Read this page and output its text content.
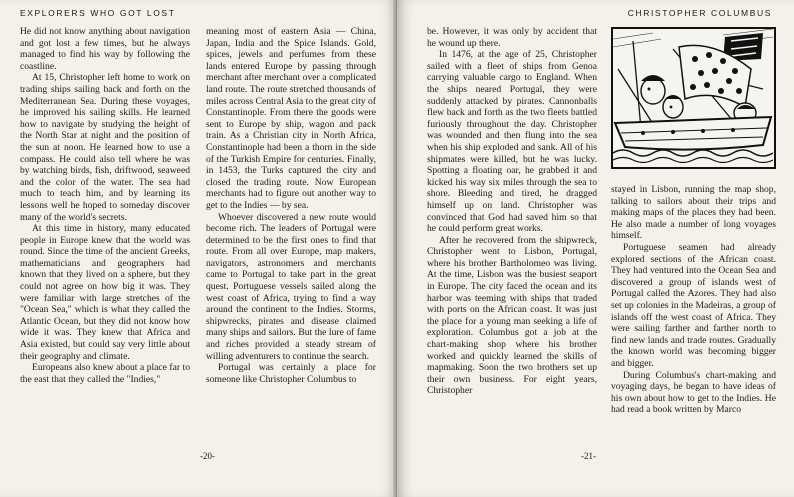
EXPLORERS WHO GOT LOST

He did not know anything about navigation and got lost a few times, but he always managed to find his way by following the coastline.

At 15, Christopher left home to work on trading ships sailing back and forth on the Mediterranean Sea. During these voyages, he improved his sailing skills. He learned how to navigate by studying the height of the North Star at night and the position of the sun at noon. He learned how to use a compass. He could also tell where he was by watching birds, fish, driftwood, seaweed and the color of the water. The sea had much to teach him, and by learning its lessons well he hoped to someday discover many of the world's secrets.

At this time in history, many educated people in Europe knew that the world was round. Since the time of the ancient Greeks, mathematicians and geographers had known that they lived on a sphere, but they could not agree on how big it was. They were familiar with large stretches of the "Ocean Sea," which is what they called the Atlantic Ocean, but they did not know how wide it was. They knew that Africa and Asia existed, but could say very little about their geography and climate.

Europeans also knew about a place far to the east that they called the "Indies,"

meaning most of eastern Asia — China, Japan, India and the Spice Islands. Gold, spices, jewels and perfumes from these lands entered Europe by passing through merchant after merchant over a complicated land route. The route stretched thousands of miles across Central Asia to the great city of Constantinople. From there the goods were sent to Europe by ship, wagon and pack train. As a Christian city in North Africa, Constantinople had been a thorn in the side of the Turkish Empire for centuries. Finally, in 1453, the Turks captured the city and closed the trading route. Now European merchants had to figure out another way to get to the Indies — by sea.

Whoever discovered a new route would become rich. The leaders of Portugal were determined to be the first ones to find that route. From all over Europe, map makers, navigators, astronomers and merchants came to Portugal to take part in the great quest. Portuguese vessels sailed along the west coast of Africa, trying to find a way around the continent to the Indies. Storms, shipwrecks, pirates and disease claimed many ships and sailors. But the lure of fame and riches provided a steady stream of willing adventurers to continue the search.

Portugal was certainly a place for someone like Christopher Columbus to

-20-
CHRISTOPHER COLUMBUS

be. However, it was only by accident that he wound up there.

In 1476, at the age of 25, Christopher sailed with a fleet of ships from Genoa carrying valuable cargo to England. When the ships neared Portugal, they were suddenly attacked by pirates. Cannonballs flew back and forth as the two fleets battled furiously throughout the day. Christopher was wounded and then flung into the sea when his ship exploded and sank. All of his shipmates were killed, but he was lucky. Spotting a floating oar, he grabbed it and kicked his way six miles through the sea to shore. Bleeding and tired, he dragged himself up on land. Christopher was convinced that God had saved him so that he could perform great works.

After he recovered from the shipwreck, Christopher went to Lisbon, Portugal, where his brother Bartholomeo was living. At the time, Lisbon was the busiest seaport in Europe. The city faced the ocean and its harbor was teeming with ships that traded with ports on the African coast. It was just the place for a young man seeking a life of exploration. Columbus got a job at the chart-making shop where his brother worked and quickly learned the skills of mapmaking. Soon the two brothers set up their own business. For eight years, Christopher

stayed in Lisbon, running the map shop, talking to sailors about their trips and making maps of the places they had been. He also made a number of long voyages himself.

Portuguese seamen had already explored sections of the African coast. They had ventured into the Ocean Sea and discovered a group of islands west of Portugal called the Azores. They had also set up colonies in the Madeiras, a group of islands off the west coast of Africa. They were sailing farther and farther north to find new lands and trade routes. Gradually the known world was becoming bigger and bigger.

During Columbus's chart-making and voyaging days, he began to have ideas of his own about how to get to the Indies. He had read a book written by Marco

-21-
